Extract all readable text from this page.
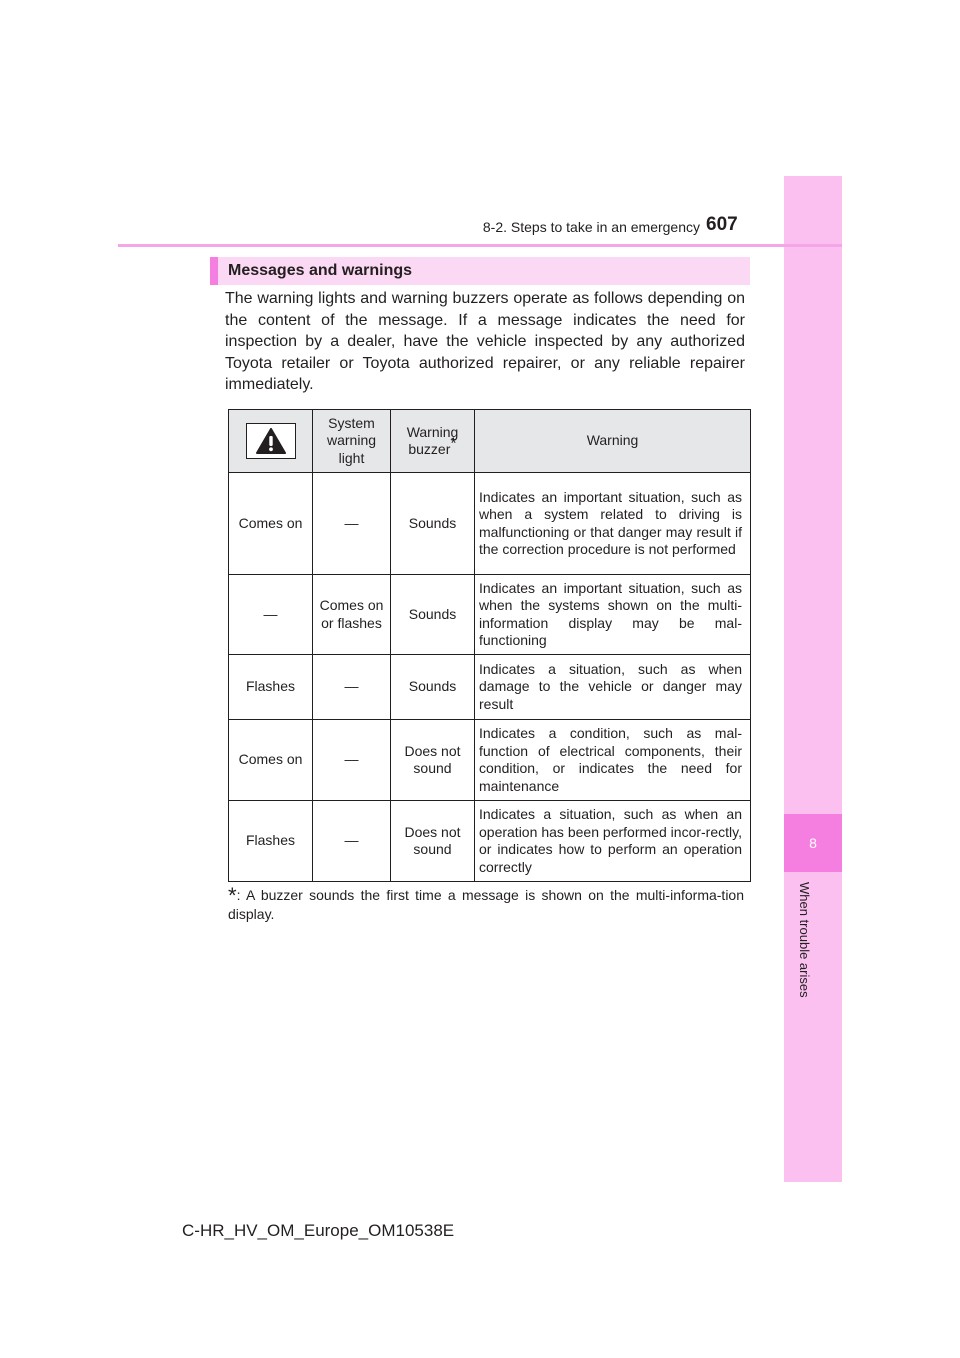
8
When trouble arises
8-2. Steps to take in an emergency 607
Messages and warnings

The warning lights and warning buzzers operate as follows depending on the content of the message. If a message indicates the need for inspection by a dealer, have the vehicle inspected by any authorized Toyota retailer or Toyota authorized repairer, or any reliable repairer immediately.

	System warning light	Warning buzzer*	Warning
Comes on	—	Sounds	Indicates an important situation, such as when a system related to driving is malfunctioning or that danger may result if the correction procedure is not performed
—	Comes on or flashes	Sounds	Indicates an important situation, such as when the systems shown on the multi-information display may be mal-functioning
Flashes	—	Sounds	Indicates a situation, such as when damage to the vehicle or danger may result
Comes on	—	Does not sound	Indicates a condition, such as mal-function of electrical components, their condition, or indicates the need for maintenance
Flashes	—	Does not sound	Indicates a situation, such as when an operation has been performed incor-rectly, or indicates how to perform an operation correctly

*: A buzzer sounds the first time a message is shown on the multi-informa-tion display.

C-HR_HV_OM_Europe_OM10538E
